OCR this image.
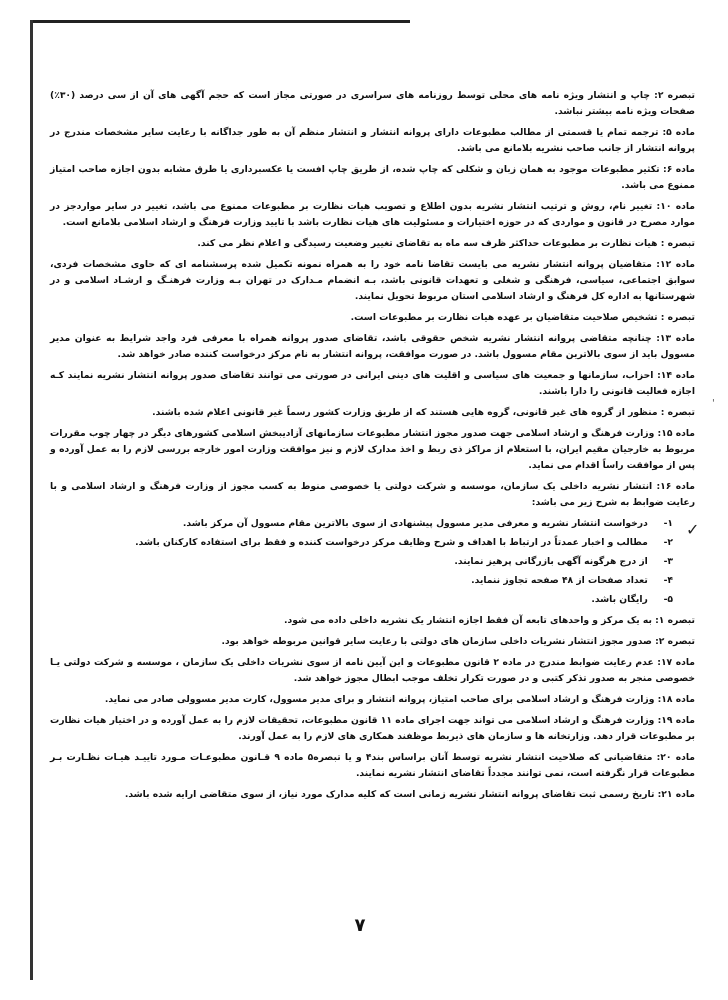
تبصره ۲: چاپ و انتشار ویژه نامه های محلی توسط روزنامه های سراسری در صورتی مجاز است که حجم آگهی های آن از سی درصد (۳۰٪) صفحات ویژه نامه بیشتر نباشد.

ماده ۵: ترجمه تمام یا قسمتی از مطالب مطبوعات دارای پروانه انتشار و انتشار منظم آن به طور جداگانه با رعایت سایر مشخصات مندرج در پروانه انتشار از جانب صاحب نشریه بلامانع می باشد.

ماده ۶: تکثیر مطبوعات موجود به همان زبان و شکلی که چاپ شده، از طریق چاپ افست یا عکسبرداری یا طرق مشابه بدون اجازه صاحب امتیاز ممنوع می باشد.

ماده ۱۰: تغییر نام، روش و ترتیب انتشار نشریه بدون اطلاع و تصویب هیات نظارت بر مطبوعات ممنوع می باشد، تغییر در سایر مواردجز در موارد مصرح در قانون و مواردی که در حوزه اختیارات و مسئولیت های هیات نظارت باشد با تایید وزارت فرهنگ و ارشاد اسلامی بلامانع است.

تبصره : هیات نظارت بر مطبوعات حداکثر ظرف سه ماه به تقاضای تغییر وضعیت رسیدگی و اعلام نظر می کند.

ماده ۱۲: متقاضیان پروانه انتشار نشریه می بایست تقاضا نامه خود را به همراه نمونه تکمیل شده پرسشنامه ای که حاوی مشخصات فردی، سوابق اجتماعی، سیاسی، فرهنگی و شغلی و تعهدات قانونی باشد، بـه انضمام مـدارک در تهران بـه وزارت فرهنـگ و ارشـاد اسلامی و در شهرستانها به اداره کل فرهنگ و ارشاد اسلامی استان مربوط تحویل نمایند.

تبصره : تشخیص صلاحیت متقاضیان بر عهده هیات نظارت بر مطبوعات است.

ماده ۱۳: چنانچه متقاضی پروانه انتشار نشریه شخص حقوقی باشد، تقاضای صدور پروانه همراه با معرفی فرد واجد شرایط به عنوان مدیر مسوول باید از سوی بالاترین مقام مسوول باشد. در صورت موافقت، پروانه انتشار به نام مرکز درخواست کننده صادر خواهد شد.

ماده ۱۴: احزاب، سازمانها و جمعیت های سیاسی و اقلیت های دینی ایرانی در صورتی می توانند تقاضای صدور پروانه انتشار نشریه نمایند کـه اجازه فعالیت قانونی را دارا باشند.

تبصره : منظور از گروه های غیر قانونی، گروه هایی هستند که از طریق وزارت کشور رسماً غیر قانونی اعلام شده باشند.

ماده ۱۵: وزارت فرهنگ و ارشاد اسلامی جهت صدور مجوز انتشار مطبوعات سازمانهای آزادیبخش اسلامی کشورهای دیگر در چهار چوب مقررات مربوط به خارجیان مقیم ایران، با استعلام از مراکز ذی ربط و اخذ مدارک لازم و نیز موافقت وزارت امور خارجه بررسی لازم را به عمل آورده و پس از موافقت راساً اقدام می نماید.

ماده ۱۶: انتشار نشریه داخلی یک سازمان، موسسه و شرکت دولتی یا خصوصی منوط به کسب مجوز از وزارت فرهنگ و ارشاد اسلامی و با رعایت ضوابط به شرح زیر می باشد:

۱- درخواست انتشار نشریه و معرفی مدیر مسوول پیشنهادی از سوی بالاترین مقام مسوول آن مرکز باشد.
۲- مطالب و اخبار عمدتاً در ارتباط با اهداف و شرح وظایف مرکز درخواست کننده و فقط برای استفاده کارکنان باشد.
۳- از درج هرگونه آگهی بازرگانی پرهیز نمایند.
۴- تعداد صفحات از ۴۸ صفحه تجاوز ننماید.
۵- رایگان باشد.

تبصره ۱: به یک مرکز و واحدهای تابعه آن فقط اجازه انتشار یک نشریه داخلی داده می شود.

تبصره ۲: صدور مجوز انتشار نشریات داخلی سازمان های دولتی با رعایت سایر قوانین مربوطه خواهد بود.

ماده ۱۷: عدم رعایت ضوابط مندرج در ماده ۲ قانون مطبوعات و این آیین نامه از سوی نشریات داخلی یک سازمان ، موسسه و شرکت دولتی یـا خصوصی منجر به صدور تذکر کتبی و در صورت تکرار تخلف موجب ابطال مجوز خواهد شد.

ماده ۱۸: وزارت فرهنگ و ارشاد اسلامی برای صاحب امتیاز، پروانه انتشار و برای مدیر مسوول، کارت مدیر مسوولی صادر می نماید.

ماده ۱۹: وزارت فرهنگ و ارشاد اسلامی می تواند جهت اجرای ماده ۱۱ قانون مطبوعات، تحقیقات لازم را به عمل آورده و در اختیار هیات نظارت بر مطبوعات قرار دهد. وزارتخانه ها و سازمان های ذیربط موظفند همکاری های لازم را به عمل آورند.

ماده ۲۰: متقاضیانی که صلاحیت انتشار نشریه توسط آنان براساس بند۴ و یا تبصره۵ ماده ۹ قـانون مطبوعـات مـورد تاییـد هیـات نظـارت بـر مطبوعات قرار نگرفته است، نمی توانند مجدداً تقاضای انتشار نشریه نمایند.

ماده ۲۱: تاریخ رسمی ثبت تقاضای پروانه انتشار نشریه زمانی است که کلیه مدارک مورد نیاز، از سوی متقاضی ارایه شده باشد.

✓
'
۷
